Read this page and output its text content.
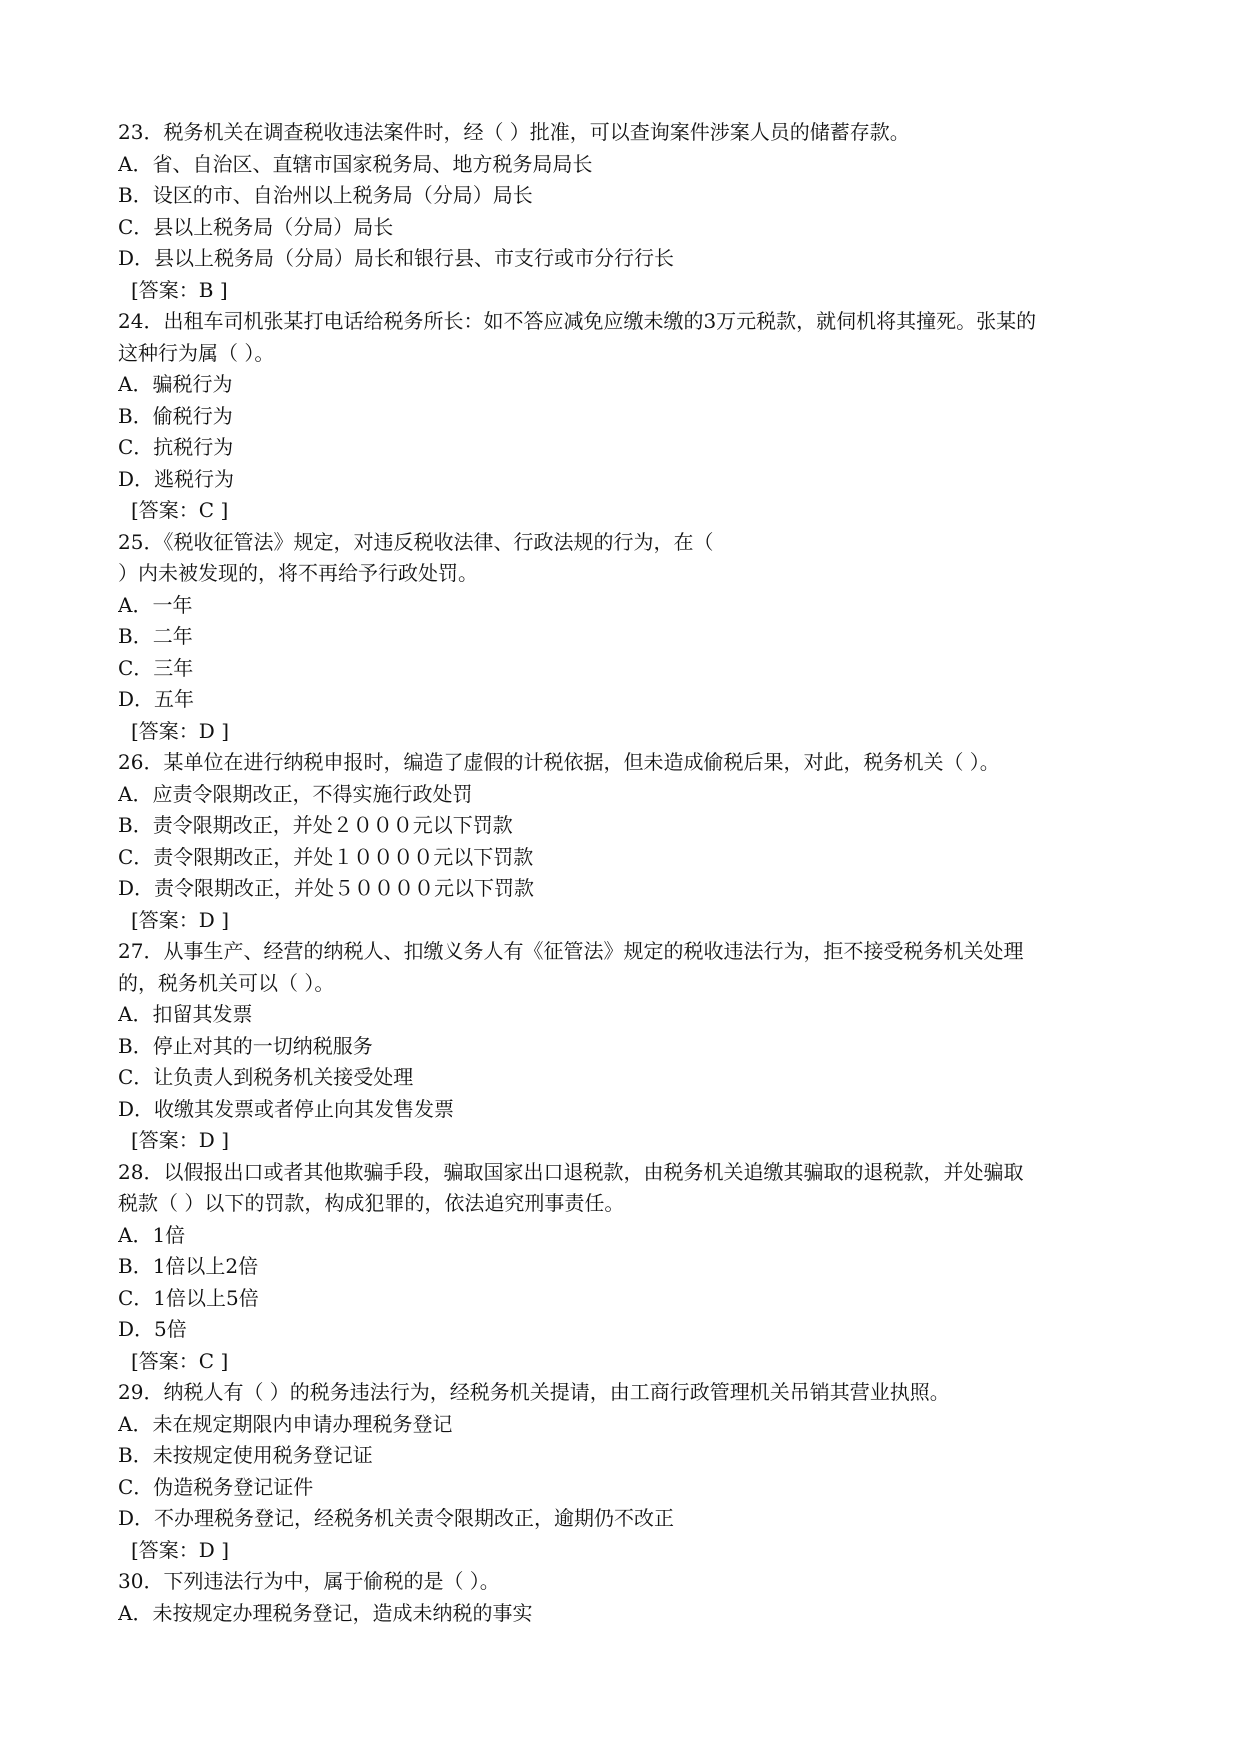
23．税务机关在调查税收违法案件时，经（ ）批准，可以查询案件涉案人员的储蓄存款。
A．省、自治区、直辖市国家税务局、地方税务局局长
B．设区的市、自治州以上税务局（分局）局长
C．县以上税务局（分局）局长
D．县以上税务局（分局）局长和银行县、市支行或市分行行长
[答案：B ]
24．出租车司机张某打电话给税务所长：如不答应减免应缴未缴的3万元税款，就伺机将其撞死。张某的
这种行为属（ ）。
A．骗税行为
B．偷税行为
C．抗税行为
D．逃税行为
[答案：C ]
25．《税收征管法》规定，对违反税收法律、行政法规的行为，在（
）内未被发现的，将不再给予行政处罚。
A．一年
B．二年
C．三年
D．五年
[答案：D ]
26．某单位在进行纳税申报时，编造了虚假的计税依据，但未造成偷税后果，对此，税务机关（ ）。
A．应责令限期改正，不得实施行政处罚
B．责令限期改正，并处２０００元以下罚款
C．责令限期改正，并处１００００元以下罚款
D．责令限期改正，并处５００００元以下罚款
[答案：D ]
27．从事生产、经营的纳税人、扣缴义务人有《征管法》规定的税收违法行为，拒不接受税务机关处理
的，税务机关可以（ ）。
A．扣留其发票
B．停止对其的一切纳税服务
C．让负责人到税务机关接受处理
D．收缴其发票或者停止向其发售发票
[答案：D ]
28．以假报出口或者其他欺骗手段，骗取国家出口退税款，由税务机关追缴其骗取的退税款，并处骗取
税款（ ）以下的罚款，构成犯罪的，依法追究刑事责任。
A．1倍
B．1倍以上2倍
C．1倍以上5倍
D．5倍
[答案：C ]
29．纳税人有（ ）的税务违法行为，经税务机关提请，由工商行政管理机关吊销其营业执照。
A．未在规定期限内申请办理税务登记
B．未按规定使用税务登记证
C．伪造税务登记证件
D．不办理税务登记，经税务机关责令限期改正，逾期仍不改正
[答案：D ]
30．下列违法行为中，属于偷税的是（ ）。
A．未按规定办理税务登记，造成未纳税的事实
